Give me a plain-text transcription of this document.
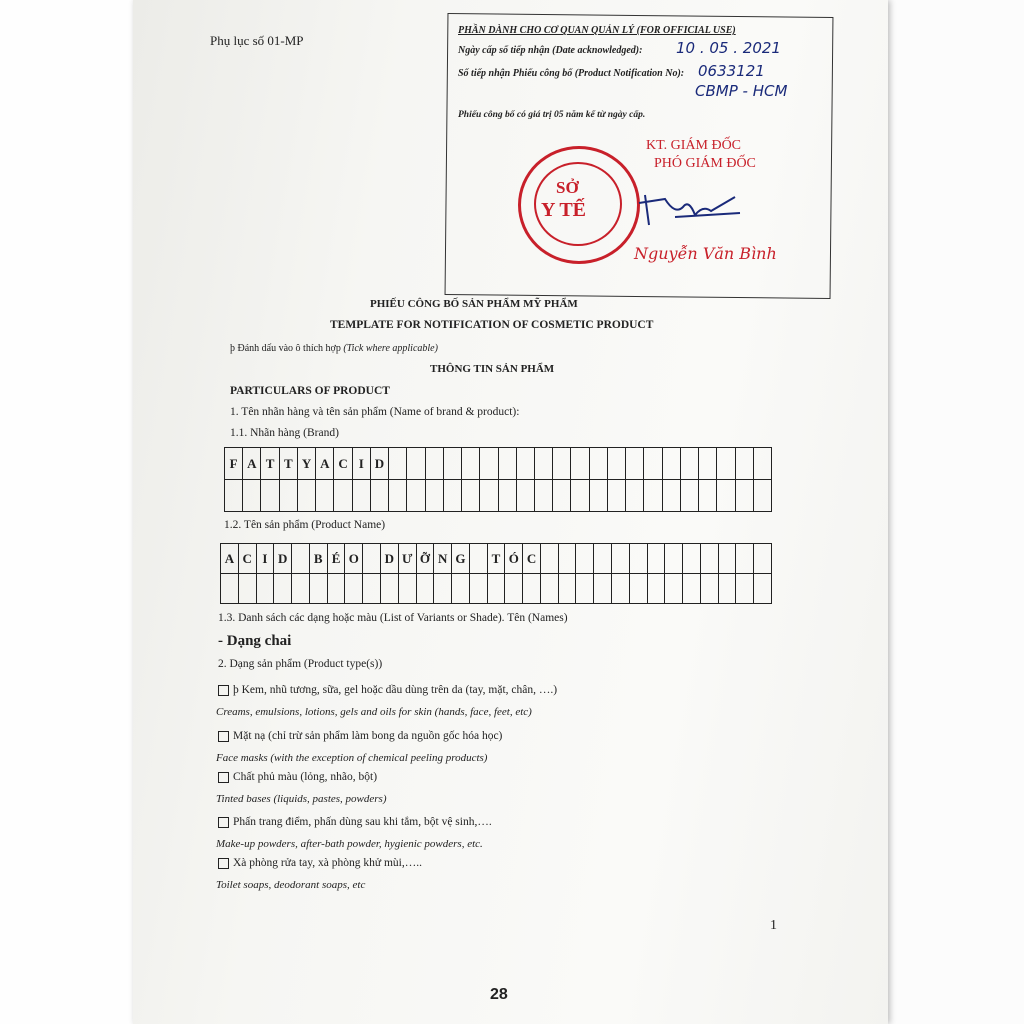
Phụ lục số 01-MP
PHẦN DÀNH CHO CƠ QUAN QUẢN LÝ (FOR OFFICIAL USE)
Ngày cấp số tiếp nhận (Date acknowledged): 10 . 05 . 2021
Số tiếp nhận Phiếu công bố (Product Notification No): 0633121
CBMP - HCM
Phiếu công bố có giá trị 05 năm kể từ ngày cấp.
KT. GIÁM ĐỐC
PHÓ GIÁM ĐỐC
SỞ
Y TẾ
Nguyễn Văn Bình
PHIẾU CÔNG BỐ SẢN PHẨM MỸ PHẨM
TEMPLATE FOR NOTIFICATION OF COSMETIC PRODUCT
þ Đánh dấu vào ô thích hợp (Tick where applicable)
THÔNG TIN SẢN PHẨM
PARTICULARS OF PRODUCT
1. Tên nhãn hàng và tên sản phẩm (Name of brand & product):
1.1. Nhãn hàng (Brand)
F A T T Y A C I D
1.2. Tên sản phẩm (Product Name)
A C I D	B É O	D Ư Ỡ N G	T Ó C
1.3. Danh sách các dạng hoặc màu (List of Variants or Shade). Tên (Names)
- Dạng chai
2. Dạng sản phẩm (Product type(s))
þ Kem, nhũ tương, sữa, gel hoặc dầu dùng trên da (tay, mặt, chân, ….)
Creams, emulsions, lotions, gels and oils for skin (hands, face, feet, etc)
Mặt nạ (chỉ trừ sản phẩm làm bong da nguồn gốc hóa học)
Face masks (with the exception of chemical peeling products)
Chất phủ màu (lỏng, nhão, bột)
Tinted bases (liquids, pastes, powders)
Phấn trang điểm, phấn dùng sau khi tắm, bột vệ sinh,….
Make-up powders, after-bath powder, hygienic powders, etc.
Xà phòng rửa tay, xà phòng khử mùi,…..
Toilet soaps, deodorant soaps, etc
1
28
